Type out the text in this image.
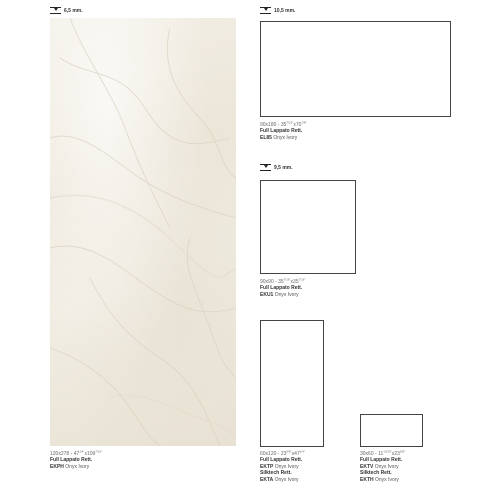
6,5 mm.
$120x278 - 47^{1/4"}x109^{7/16"}$
Full Lappato Rett.
EKPH Onyx Ivory
10,5 mm.
$90x180 - 35^{7/16"}x70^{7/8"}$
Full Lappato Rett.
EL85 Onyx Ivory
9,5 mm.
$90x90 - 35^{7/16"}x35^{7/16"}$
Full Lappato Rett.
EKU1 Onyx Ivory
$60x120 - 23^{5/8"}x47^{1/4"}$
Full Lappato Rett.
EKTP Onyx Ivory
Silktech Rett.
EKTA Onyx Ivory
$30x60 - 11^{13/16"}x23^{5/8"}$
Full Lappato Rett.
EKTV Onyx Ivory
Silktech Rett.
EKTH Onyx Ivory
